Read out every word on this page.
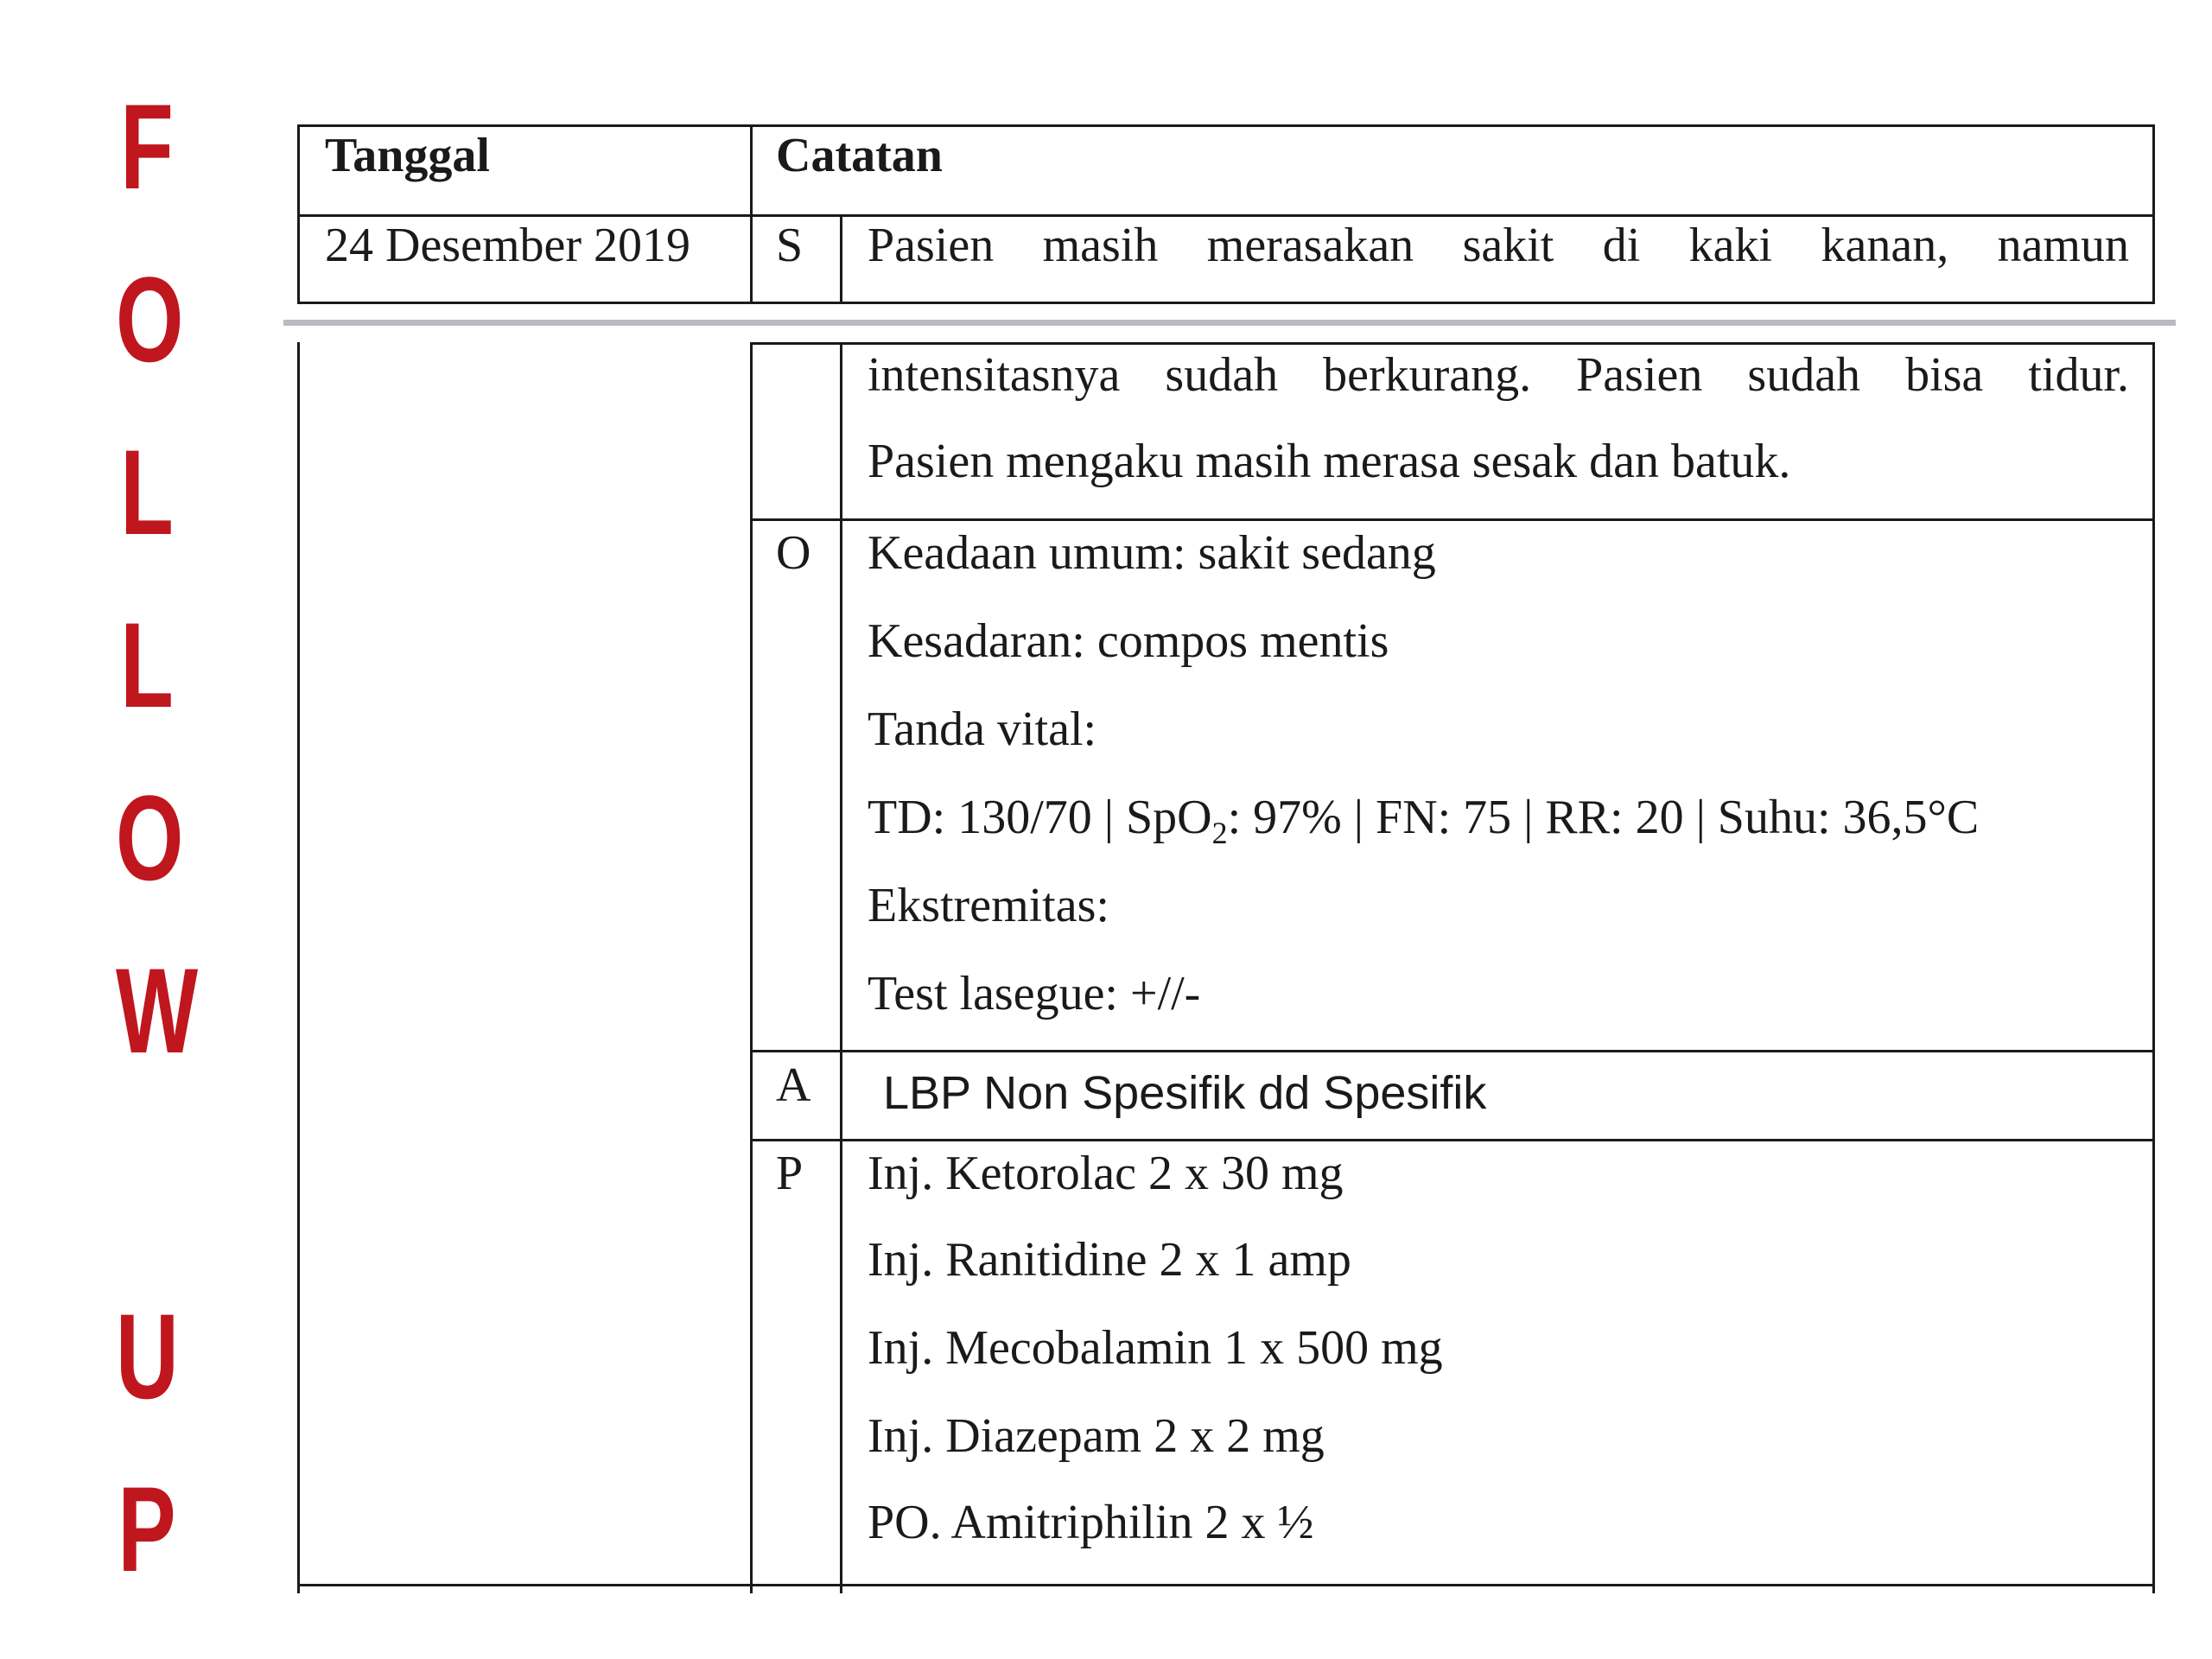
F
O
L
L
O
W
U
P
Tanggal	Catatan
24 Desember 2019 S Pasien masih merasakan sakit di kaki kanan, namun
intensitasnya sudah berkurang. Pasien sudah bisa tidur.
Pasien mengaku masih merasa sesak dan batuk.
O Keadaan umum: sakit sedang
Kesadaran: compos mentis
Tanda vital:
TD: 130/70 | SpO$_2$: 97% | FN: 75 | RR: 20 | Suhu: 36,5°C
Ekstremitas:
Test lasegue: +//-
A LBP Non Spesifik dd Spesifik
P Inj. Ketorolac 2 x 30 mg
Inj. Ranitidine 2 x 1 amp
Inj. Mecobalamin 1 x 500 mg
Inj. Diazepam 2 x 2 mg
PO. Amitriphilin 2 x ½
